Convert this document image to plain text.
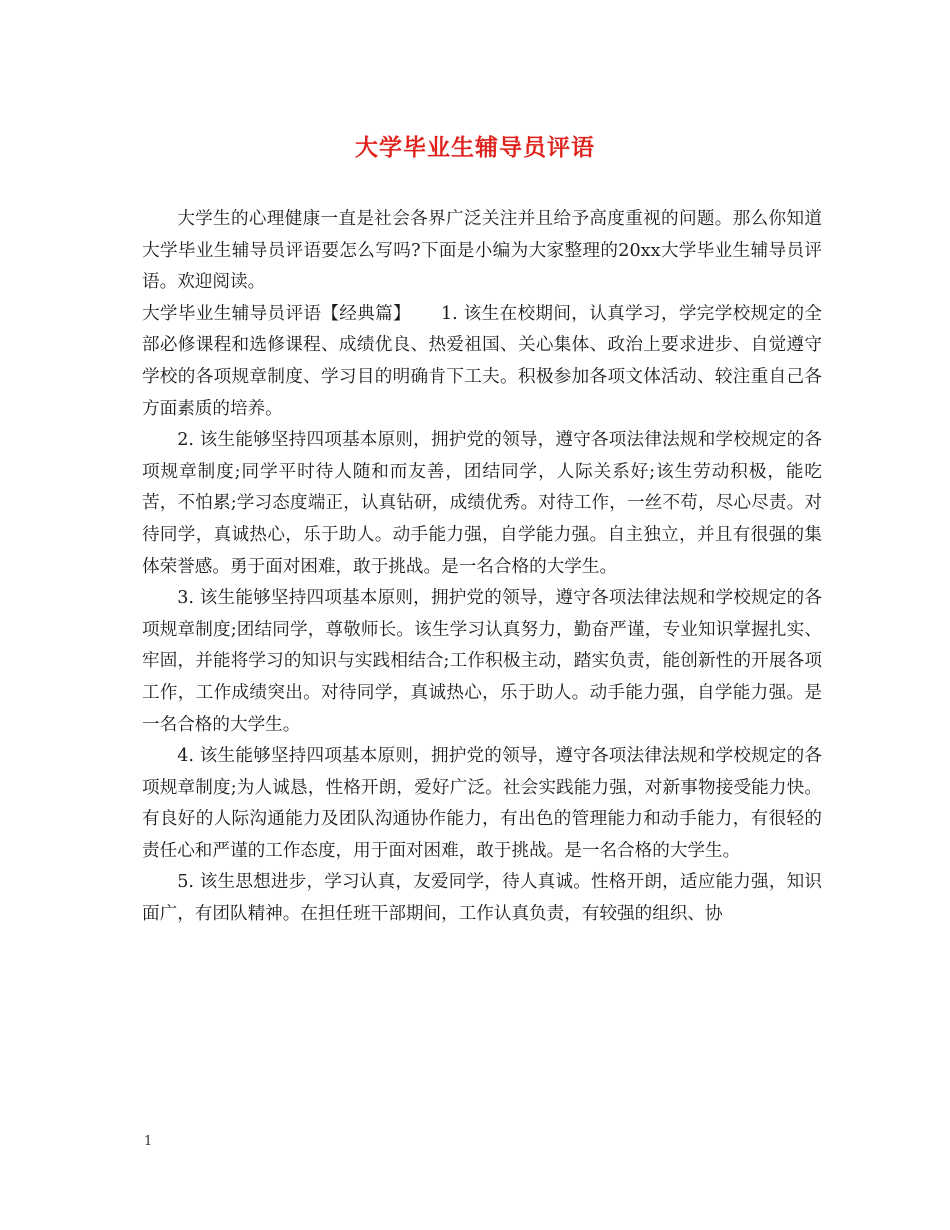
大学毕业生辅导员评语

大学生的心理健康一直是社会各界广泛关注并且给予高度重视的问题。那么你知道大学毕业生辅导员评语要怎么写吗?下面是小编为大家整理的20xx大学毕业生辅导员评语。欢迎阅读。

大学毕业生辅导员评语【经典篇】 1. 该生在校期间，认真学习，学完学校规定的全部必修课程和选修课程、成绩优良、热爱祖国、关心集体、政治上要求进步、自觉遵守学校的各项规章制度、学习目的明确肯下工夫。积极参加各项文体活动、较注重自己各方面素质的培养。

2. 该生能够坚持四项基本原则，拥护党的领导，遵守各项法律法规和学校规定的各项规章制度;同学平时待人随和而友善，团结同学，人际关系好;该生劳动积极，能吃苦，不怕累;学习态度端正，认真钻研，成绩优秀。对待工作，一丝不苟，尽心尽责。对待同学，真诚热心，乐于助人。动手能力强，自学能力强。自主独立，并且有很强的集体荣誉感。勇于面对困难，敢于挑战。是一名合格的大学生。

3. 该生能够坚持四项基本原则，拥护党的领导，遵守各项法律法规和学校规定的各项规章制度;团结同学，尊敬师长。该生学习认真努力，勤奋严谨，专业知识掌握扎实、牢固，并能将学习的知识与实践相结合;工作积极主动，踏实负责，能创新性的开展各项工作，工作成绩突出。对待同学，真诚热心，乐于助人。动手能力强，自学能力强。是一名合格的大学生。

4. 该生能够坚持四项基本原则，拥护党的领导，遵守各项法律法规和学校规定的各项规章制度;为人诚恳，性格开朗，爱好广泛。社会实践能力强，对新事物接受能力快。有良好的人际沟通能力及团队沟通协作能力，有出色的管理能力和动手能力，有很轻的责任心和严谨的工作态度，用于面对困难，敢于挑战。是一名合格的大学生。

5. 该生思想进步，学习认真，友爱同学，待人真诚。性格开朗，适应能力强，知识面广，有团队精神。在担任班干部期间，工作认真负责，有较强的组织、协

1
